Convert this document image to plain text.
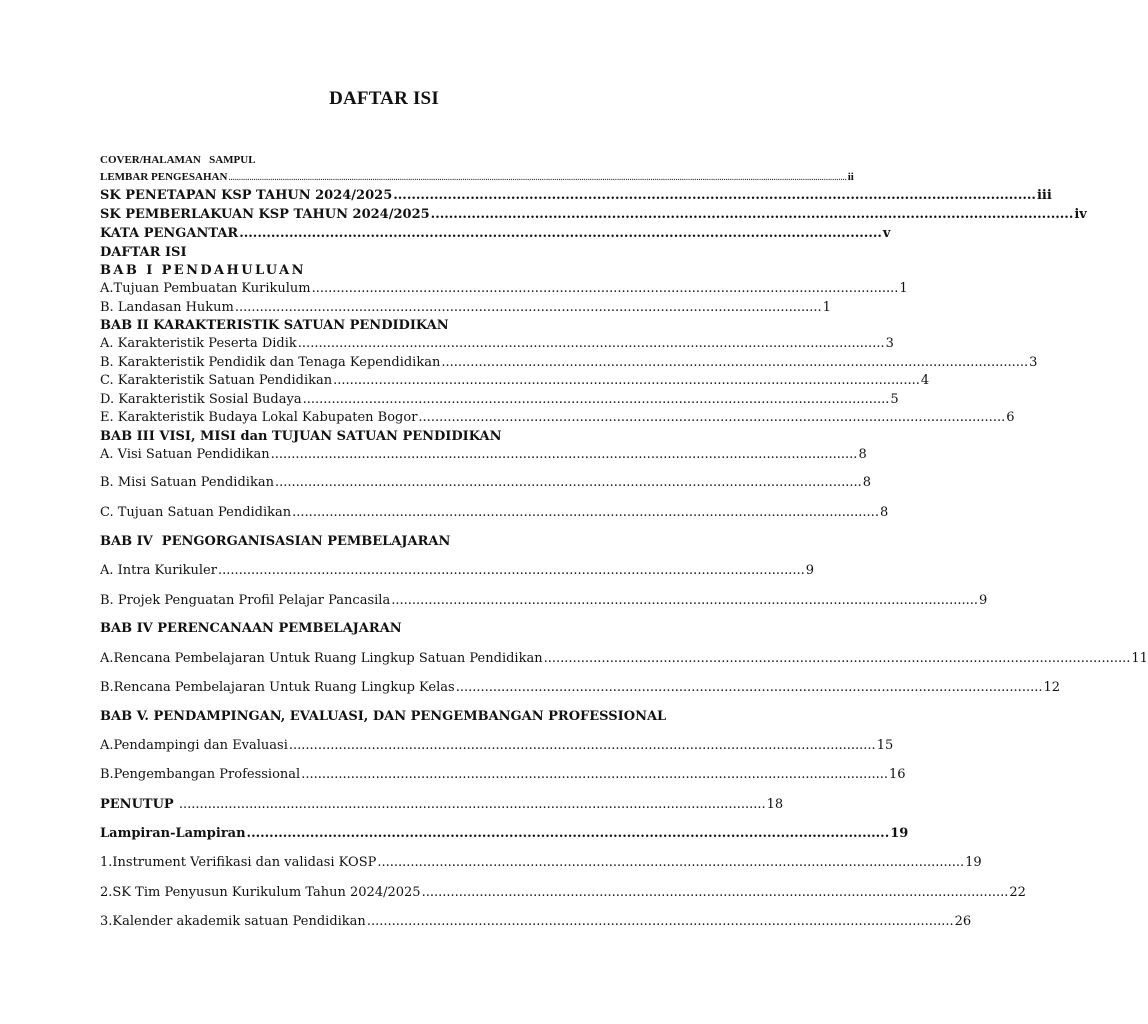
DAFTAR ISI
COVER/HALAMAN   SAMPUL
LEMBAR PENGESAHAN ........................................................................................................................................................................................................................................................................................................ ii
SK PENETAPAN KSP TAHUN 2024/2025 .............................................................................................................................................. iii
SK PEMBERLAKUAN KSP TAHUN 2024/2025 .............................................................................................................................................. iv
KATA PENGANTAR .............................................................................................................................................. v
DAFTAR ISI
BAB I PENDAHULUAN
A.Tujuan Pembuatan Kurikulum .............................................................................................................................................. 1
B. Landasan Hukum .............................................................................................................................................. 1
BAB II KARAKTERISTIK SATUAN PENDIDIKAN
A. Karakteristik Peserta Didik .............................................................................................................................................. 3
B. Karakteristik Pendidik dan Tenaga Kependidikan .............................................................................................................................................. 3
C. Karakteristik Satuan Pendidikan .............................................................................................................................................. 4
D. Karakteristik Sosial Budaya .............................................................................................................................................. 5
E. Karakteristik Budaya Lokal Kabupaten Bogor .............................................................................................................................................. 6
BAB III VISI, MISI dan TUJUAN SATUAN PENDIDIKAN
A. Visi Satuan Pendidikan .............................................................................................................................................. 8
B. Misi Satuan Pendidikan .............................................................................................................................................. 8
C. Tujuan Satuan Pendidikan .............................................................................................................................................. 8
BAB IV  PENGORGANISASIAN PEMBELAJARAN
A. Intra Kurikuler .............................................................................................................................................. 9
B. Projek Penguatan Profil Pelajar Pancasila .............................................................................................................................................. 9
BAB IV PERENCANAAN PEMBELAJARAN
A.Rencana Pembelajaran Untuk Ruang Lingkup Satuan Pendidikan .............................................................................................................................................. 11
B.Rencana Pembelajaran Untuk Ruang Lingkup Kelas .............................................................................................................................................. 12
BAB V. PENDAMPINGAN, EVALUASI, DAN PENGEMBANGAN PROFESSIONAL
A.Pendampingi dan Evaluasi .............................................................................................................................................. 15
B.Pengembangan Professional .............................................................................................................................................. 16
PENUTUP .............................................................................................................................................. 18
Lampiran-Lampiran .............................................................................................................................................. 19
1.Instrument Verifikasi dan validasi KOSP .............................................................................................................................................. 19
2.SK Tim Penyusun Kurikulum Tahun 2024/2025 .............................................................................................................................................. 22
3.Kalender akademik satuan Pendidikan .............................................................................................................................................. 26
